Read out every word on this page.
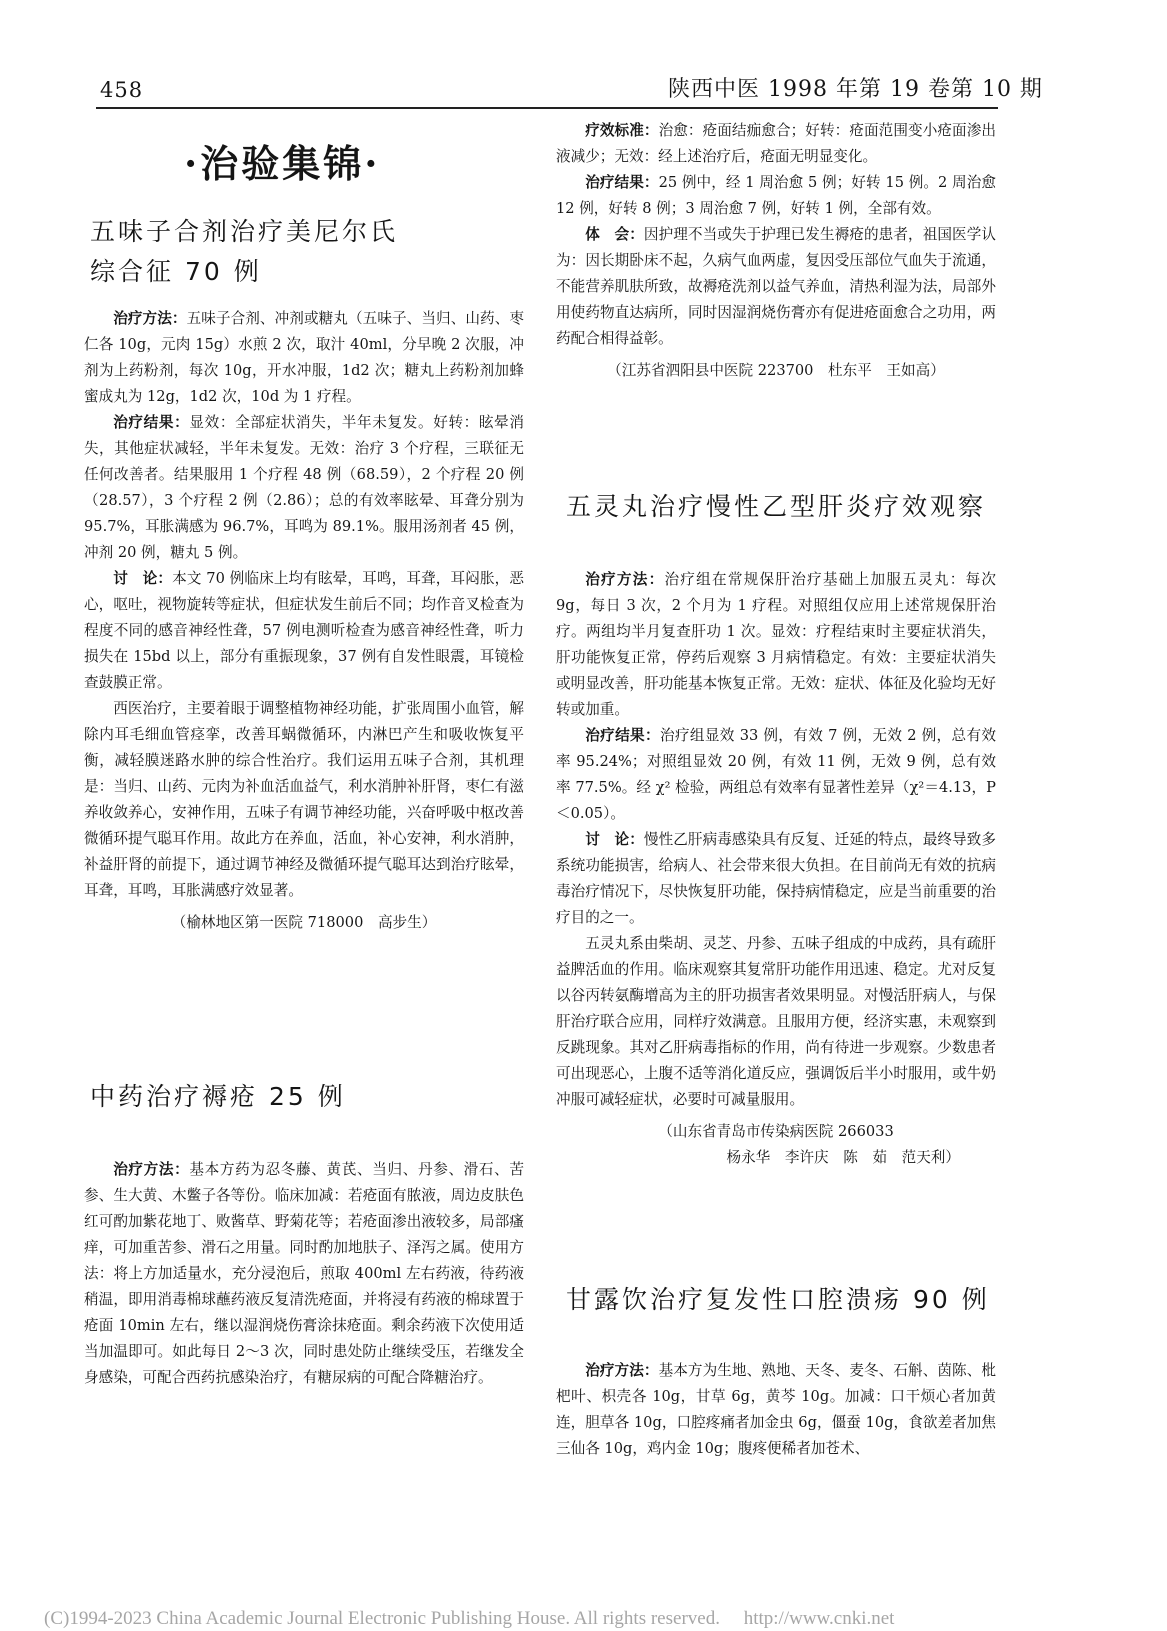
458	陕西中医 1998 年第 19 卷第 10 期
·治验集锦·
五味子合剂治疗美尼尔氏
综合征 70 例

治疗方法：五味子合剂、冲剂或糖丸（五味子、当归、山药、枣仁各 10g，元肉 15g）水煎 2 次，取汁 40ml，分早晚 2 次服，冲剂为上药粉剂，每次 10g，开水冲服，1d2 次；糖丸上药粉剂加蜂蜜成丸为 12g，1d2 次，10d 为 1 疗程。

治疗结果：显效：全部症状消失，半年未复发。好转：眩晕消失，其他症状减轻，半年未复发。无效：治疗 3 个疗程，三联征无任何改善者。结果服用 1 个疗程 48 例（68.59），2 个疗程 20 例（28.57），3 个疗程 2 例（2.86）；总的有效率眩晕、耳聋分别为 95.7%，耳胀满感为 96.7%，耳鸣为 89.1%。服用汤剂者 45 例，冲剂 20 例，糖丸 5 例。

讨　论：本文 70 例临床上均有眩晕，耳鸣，耳聋，耳闷胀，恶心，呕吐，视物旋转等症状，但症状发生前后不同；均作音叉检查为程度不同的感音神经性聋，57 例电测听检查为感音神经性聋，听力损失在 15bd 以上，部分有重振现象，37 例有自发性眼震，耳镜检查鼓膜正常。

西医治疗，主要着眼于调整植物神经功能，扩张周围小血管，解除内耳毛细血管痉挛，改善耳蜗微循环，内淋巴产生和吸收恢复平衡，减轻膜迷路水肿的综合性治疗。我们运用五味子合剂，其机理是：当归、山药、元肉为补血活血益气，利水消肿补肝肾，枣仁有滋养收敛养心，安神作用，五味子有调节神经功能，兴奋呼吸中枢改善微循环提气聪耳作用。故此方在养血，活血，补心安神，利水消肿，补益肝肾的前提下，通过调节神经及微循环提气聪耳达到治疗眩晕，耳聋，耳鸣，耳胀满感疗效显著。

（榆林地区第一医院 718000　高步生）

中药治疗褥疮 25 例

治疗方法：基本方药为忍冬藤、黄芪、当归、丹参、滑石、苦参、生大黄、木鳖子各等份。临床加减：若疮面有脓液，周边皮肤色红可酌加紫花地丁、败酱草、野菊花等；若疮面渗出液较多，局部瘙痒，可加重苦参、滑石之用量。同时酌加地肤子、泽泻之属。使用方法：将上方加适量水，充分浸泡后，煎取 400ml 左右药液，待药液稍温，即用消毒棉球蘸药液反复清洗疮面，并将浸有药液的棉球置于疮面 10min 左右，继以湿润烧伤膏涂抹疮面。剩余药液下次使用适当加温即可。如此每日 2～3 次，同时患处防止继续受压，若继发全身感染，可配合西药抗感染治疗，有糖尿病的可配合降糖治疗。

疗效标准：治愈：疮面结痂愈合；好转：疮面范围变小疮面渗出液减少；无效：经上述治疗后，疮面无明显变化。

治疗结果：25 例中，经 1 周治愈 5 例；好转 15 例。2 周治愈 12 例，好转 8 例；3 周治愈 7 例，好转 1 例，全部有效。

体　会：因护理不当或失于护理已发生褥疮的患者，祖国医学认为：因长期卧床不起，久病气血两虚，复因受压部位气血失于流通，不能营养肌肤所致，故褥疮洗剂以益气养血，清热利湿为法，局部外用使药物直达病所，同时因湿润烧伤膏亦有促进疮面愈合之功用，两药配合相得益彰。

（江苏省泗阳县中医院 223700　杜东平　王如高）

五灵丸治疗慢性乙型肝炎疗效观察

治疗方法：治疗组在常规保肝治疗基础上加服五灵丸：每次 9g，每日 3 次，2 个月为 1 疗程。对照组仅应用上述常规保肝治疗。两组均半月复查肝功 1 次。显效：疗程结束时主要症状消失，肝功能恢复正常，停药后观察 3 月病情稳定。有效：主要症状消失或明显改善，肝功能基本恢复正常。无效：症状、体征及化验均无好转或加重。

治疗结果：治疗组显效 33 例，有效 7 例，无效 2 例，总有效率 95.24%；对照组显效 20 例，有效 11 例，无效 9 例，总有效率 77.5%。经 χ² 检验，两组总有效率有显著性差异（χ²＝4.13，P＜0.05）。

讨　论：慢性乙肝病毒感染具有反复、迁延的特点，最终导致多系统功能损害，给病人、社会带来很大负担。在目前尚无有效的抗病毒治疗情况下，尽快恢复肝功能，保持病情稳定，应是当前重要的治疗目的之一。

五灵丸系由柴胡、灵芝、丹参、五味子组成的中成药，具有疏肝益脾活血的作用。临床观察其复常肝功能作用迅速、稳定。尤对反复以谷丙转氨酶增高为主的肝功损害者效果明显。对慢活肝病人，与保肝治疗联合应用，同样疗效满意。且服用方便，经济实惠，未观察到反跳现象。其对乙肝病毒指标的作用，尚有待进一步观察。少数患者可出现恶心，上腹不适等消化道反应，强调饭后半小时服用，或牛奶冲服可减轻症状，必要时可减量服用。

（山东省青岛市传染病医院 266033

杨永华　李许庆　陈　茹　范天利）

甘露饮治疗复发性口腔溃疡 90 例

治疗方法：基本方为生地、熟地、天冬、麦冬、石斛、茵陈、枇杷叶、枳壳各 10g，甘草 6g，黄芩 10g。加减：口干烦心者加黄连，胆草各 10g，口腔疼痛者加金虫 6g，僵蚕 10g，食欲差者加焦三仙各 10g，鸡内金 10g；腹疼便稀者加苍术、

(C)1994-2023 China Academic Journal Electronic Publishing House. All rights reserved.　 http://www.cnki.net
